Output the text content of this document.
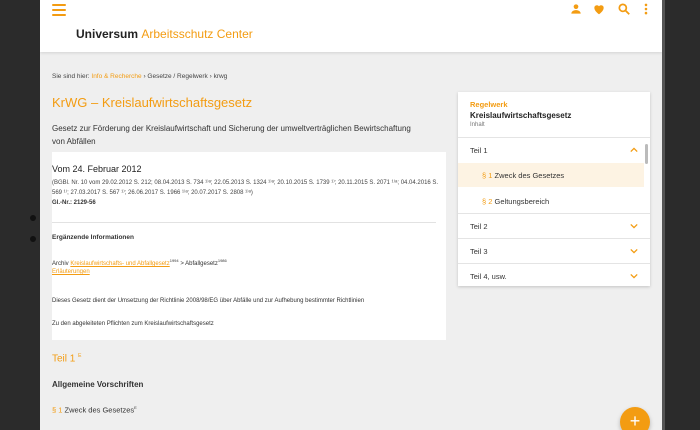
Universum Arbeitsschutz Center
Sie sind hier: Info & Recherche › Gesetze / Regelwerk › krwg
KrWG – Kreislaufwirtschaftsgesetz
Gesetz zur Förderung der Kreislaufwirtschaft und Sicherung der umweltverträglichen Bewirtschaftung von Abfällen
Vom 24. Februar 2012
(BGBl. Nr. 10 vom 29.02.2012 S. 212; 08.04.2013 S. 734 ¹⁾ᵃ; 22.05.2013 S. 1324 ¹⁾ᵃ; 20.10.2015 S. 1739 ¹⁾; 20.11.2015 S. 2071 ¹⁾ᵃ; 04.04.2016 S. 569 ¹⁾; 27.03.2017 S. 567 ¹⁾; 26.06.2017 S. 1966 ¹⁾ᵃ; 20.07.2017 S. 2808 ¹⁾ᵃ)
Gl.-Nr.: 2129-56
Ergänzende Informationen
Archiv Kreislaufwirtschafts- und Abfallgesetz$^{1994}$ > Abfallgesetz$^{1986}$
Erläuterungen
Dieses Gesetz dient der Umsetzung der Richtlinie 2008/98/EG über Abfälle und zur Aufhebung bestimmter Richtlinien
Zu den abgeleiteten Pflichten zum Kreislaufwirtschaftsgesetz
Teil 1 $^E$
Allgemeine Vorschriften
§ 1 Zweck des Gesetzes$^E$
Regelwerk
Kreislaufwirtschaftsgesetz
Inhalt
Teil 1
§ 1 Zweck des Gesetzes
§ 2 Geltungsbereich
Teil 2
Teil 3
Teil 4, usw.
+
